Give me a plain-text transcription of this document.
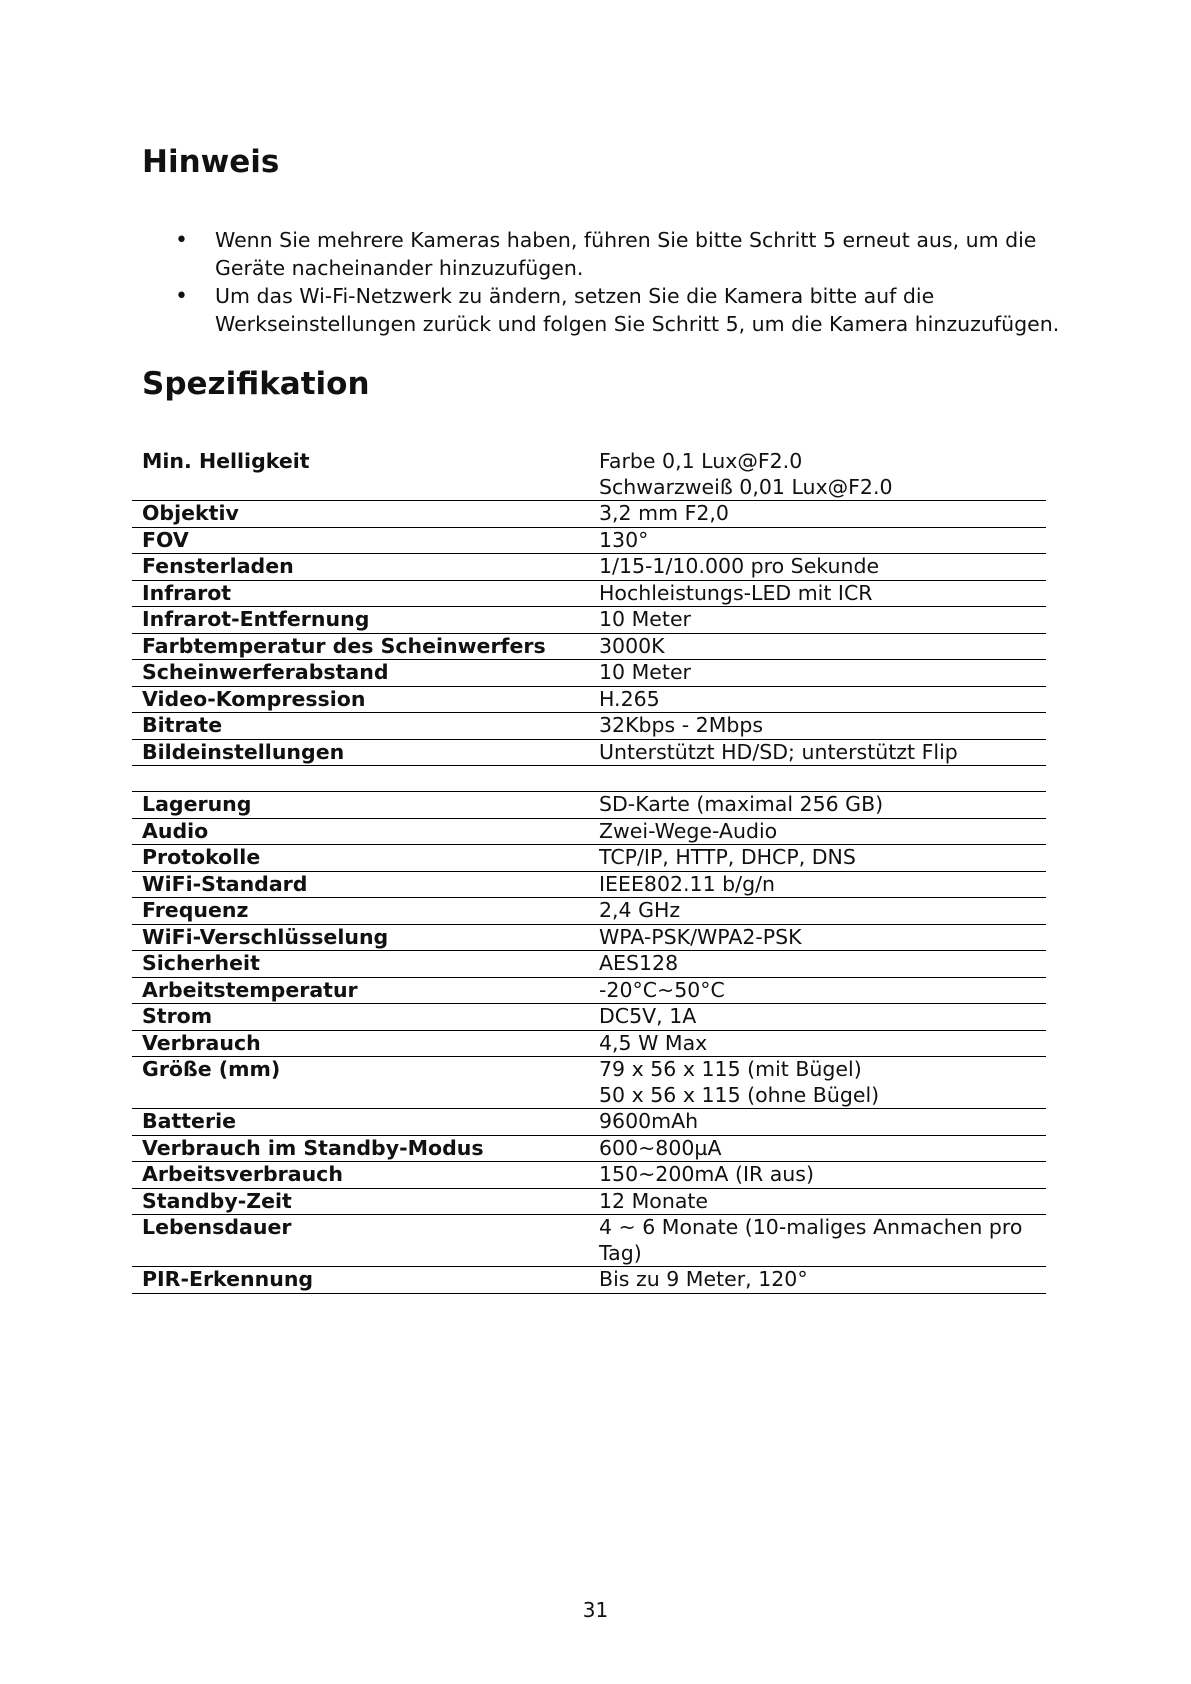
Hinweis
•
Wenn Sie mehrere Kameras haben, führen Sie bitte Schritt 5 erneut aus, um die Geräte nacheinander hinzuzufügen.
•
Um das Wi-Fi-Netzwerk zu ändern, setzen Sie die Kamera bitte auf die Werkseinstellungen zurück und folgen Sie Schritt 5, um die Kamera hinzuzufügen.
Spezifikation
Min. Helligkeit	Farbe 0,1 Lux@F2.0
Schwarzweiß 0,01 Lux@F2.0

Objektiv	3,2 mm F2,0
FOV	130°
Fensterladen	1/15-1/10.000 pro Sekunde
Infrarot	Hochleistungs-LED mit ICR
Infrarot-Entfernung	10 Meter
Farbtemperatur des Scheinwerfers	3000K
Scheinwerferabstand	10 Meter
Video-Kompression	H.265
Bitrate	32Kbps - 2Mbps
Bildeinstellungen	Unterstützt HD/SD; unterstützt Flip

Lagerung	SD-Karte (maximal 256 GB)
Audio	Zwei-Wege-Audio
Protokolle	TCP/IP, HTTP, DHCP, DNS
WiFi-Standard	IEEE802.11 b/g/n
Frequenz	2,4 GHz
WiFi-Verschlüsselung	WPA-PSK/WPA2-PSK
Sicherheit	AES128
Arbeitstemperatur	-20°C~50°C
Strom	DC5V, 1A
Verbrauch	4,5 W Max
Größe (mm)	79 x 56 x 115 (mit Bügel)
50 x 56 x 115 (ohne Bügel)

Batterie	9600mAh
Verbrauch im Standby-Modus	600~800µA
Arbeitsverbrauch	150~200mA (IR aus)
Standby-Zeit	12 Monate
Lebensdauer	4 ~ 6 Monate (10-maliges Anmachen pro
Tag)

PIR-Erkennung	Bis zu 9 Meter, 120°
31
